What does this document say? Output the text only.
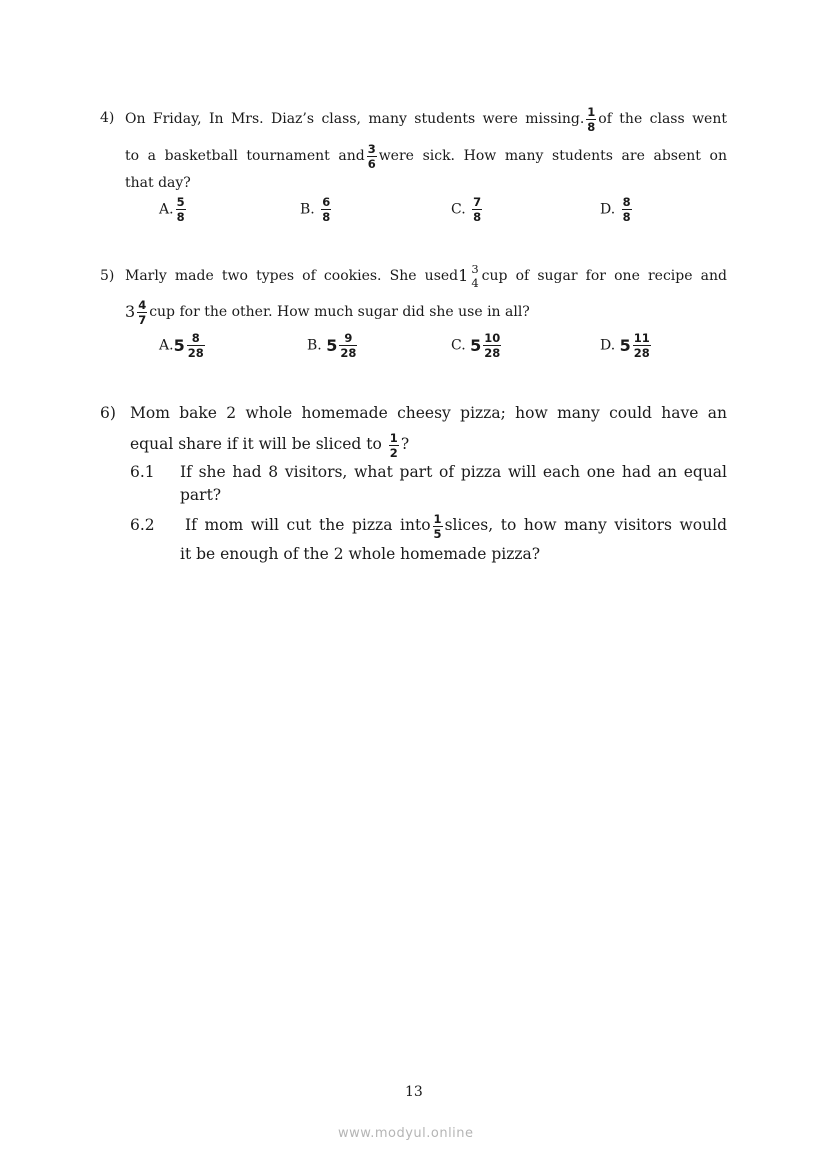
4) On Friday, In Mrs. Diaz’s class, many students were missing. $\frac{1}{8}$ of the class went
to a basketball tournament and $\frac{3}{6}$ were sick. How many students are absent on
that day?
A. $\frac{5}{8}$	B. $\frac{6}{8}$	C. $\frac{7}{8}$	D. $\frac{8}{8}$
5) Marly made two types of cookies. She used1 3
4 cup of sugar for one recipe and
$3 \frac{4}{7}$ cup for the other. How much sugar did she use in all?
$A.5 \frac{8}{28}$	B. $5 \frac{9}{28}$	C. $5 \frac{10}{28}$	D. $5 \frac{11}{28}$
6) Mom bake 2 whole homemade cheesy pizza; how many could have an
equal share if it will be sliced to $\frac{1}{2}$ ?
6.1 If she had 8 visitors, what part of pizza will each one had an equal
part?
6.2 If mom will cut the pizza into $\frac{1}{5}$ slices, to how many visitors would
it be enough of the 2 whole homemade pizza?
13
www.modyul.online
